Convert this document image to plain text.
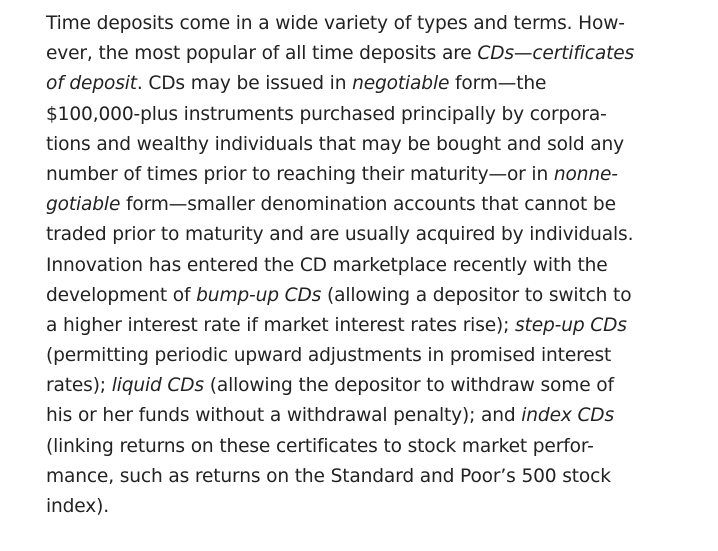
Time deposits come in a wide variety of types and terms. How-
ever, the most popular of all time deposits are CDs—certificates
of deposit. CDs may be issued in negotiable form—the
$100,000-plus instruments purchased principally by corpora-
tions and wealthy individuals that may be bought and sold any
number of times prior to reaching their maturity—or in nonne-
gotiable form—smaller denomination accounts that cannot be
traded prior to maturity and are usually acquired by individuals.
Innovation has entered the CD marketplace recently with the
development of bump-up CDs (allowing a depositor to switch to
a higher interest rate if market interest rates rise); step-up CDs
(permitting periodic upward adjustments in promised interest
rates); liquid CDs (allowing the depositor to withdraw some of
his or her funds without a withdrawal penalty); and index CDs
(linking returns on these certificates to stock market perfor-
mance, such as returns on the Standard and Poor’s 500 stock
index).
